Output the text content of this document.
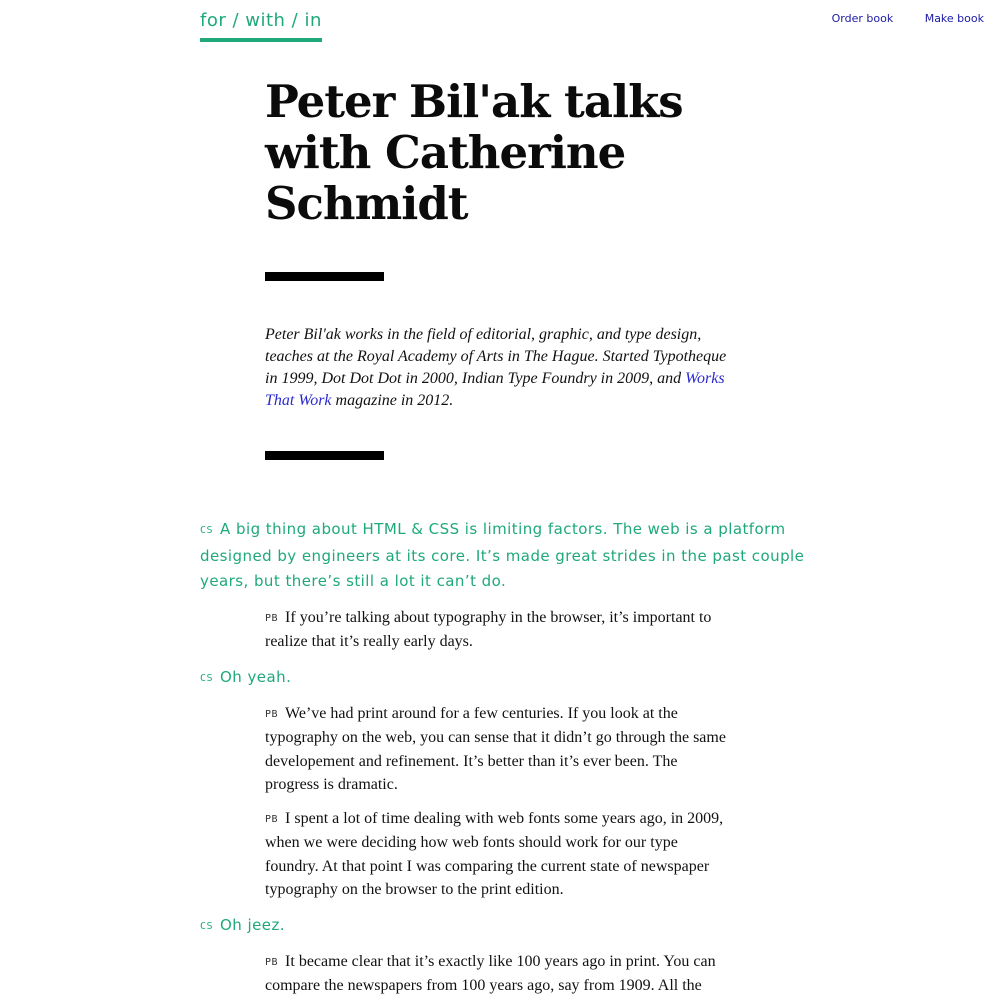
for / with / in	Order book	Make book
Peter Bil'ak talks with Catherine Schmidt

Peter Bil'ak works in the field of editorial, graphic, and type design, teaches at the Royal Academy of Arts in The Hague. Started Typotheque in 1999, Dot Dot Dot in 2000, Indian Type Foundry in 2009, and Works That Work magazine in 2012.

CS A big thing about HTML & CSS is limiting factors. The web is a platform designed by engineers at its core. It’s made great strides in the past couple years, but there’s still a lot it can’t do.

PB If you’re talking about typography in the browser, it’s important to realize that it’s really early days.

CS Oh yeah.

PB We’ve had print around for a few centuries. If you look at the typography on the web, you can sense that it didn’t go through the same developement and refinement. It’s better than it’s ever been. The progress is dramatic.

PB I spent a lot of time dealing with web fonts some years ago, in 2009, when we were deciding how web fonts should work for our type foundry. At that point I was comparing the current state of newspaper typography on the browser to the print edition.

CS Oh jeez.

PB It became clear that it’s exactly like 100 years ago in print. You can compare the newspapers from 100 years ago, say from 1909. All the
